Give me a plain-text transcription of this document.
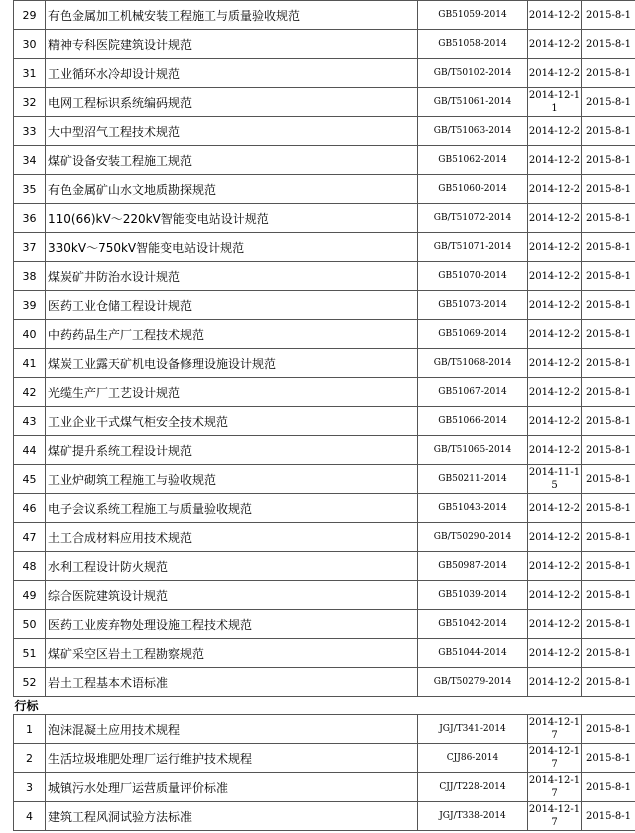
29	有色金属加工机械安装工程施工与质量验收规范	GB51059-2014	2014-12-2	2015-8-1
30	精神专科医院建筑设计规范	GB51058-2014	2014-12-2	2015-8-1
31	工业循环水冷却设计规范	GB/T50102-2014	2014-12-2	2015-8-1
32	电网工程标识系统编码规范	GB/T51061-2014	2014-12-11	2015-8-1
33	大中型沼气工程技术规范	GB/T51063-2014	2014-12-2	2015-8-1
34	煤矿设备安装工程施工规范	GB51062-2014	2014-12-2	2015-8-1
35	有色金属矿山水文地质勘探规范	GB51060-2014	2014-12-2	2015-8-1
36	110(66)kV～220kV智能变电站设计规范	GB/T51072-2014	2014-12-2	2015-8-1
37	330kV～750kV智能变电站设计规范	GB/T51071-2014	2014-12-2	2015-8-1
38	煤炭矿井防治水设计规范	GB51070-2014	2014-12-2	2015-8-1
39	医药工业仓储工程设计规范	GB51073-2014	2014-12-2	2015-8-1
40	中药药品生产厂工程技术规范	GB51069-2014	2014-12-2	2015-8-1
41	煤炭工业露天矿机电设备修理设施设计规范	GB/T51068-2014	2014-12-2	2015-8-1
42	光缆生产厂工艺设计规范	GB51067-2014	2014-12-2	2015-8-1
43	工业企业干式煤气柜安全技术规范	GB51066-2014	2014-12-2	2015-8-1
44	煤矿提升系统工程设计规范	GB/T51065-2014	2014-12-2	2015-8-1
45	工业炉砌筑工程施工与验收规范	GB50211-2014	2014-11-15	2015-8-1
46	电子会议系统工程施工与质量验收规范	GB51043-2014	2014-12-2	2015-8-1
47	土工合成材料应用技术规范	GB/T50290-2014	2014-12-2	2015-8-1
48	水利工程设计防火规范	GB50987-2014	2014-12-2	2015-8-1
49	综合医院建筑设计规范	GB51039-2014	2014-12-2	2015-8-1
50	医药工业废弃物处理设施工程技术规范	GB51042-2014	2014-12-2	2015-8-1
51	煤矿采空区岩土工程勘察规范	GB51044-2014	2014-12-2	2015-8-1
52	岩土工程基本术语标准	GB/T50279-2014	2014-12-2	2015-8-1
行标				
1	泡沫混凝土应用技术规程	JGJ/T341-2014	2014-12-17	2015-8-1
2	生活垃圾堆肥处理厂运行维护技术规程	CJJ86-2014	2014-12-17	2015-8-1
3	城镇污水处理厂运营质量评价标准	CJJ/T228-2014	2014-12-17	2015-8-1
4	建筑工程风洞试验方法标准	JGJ/T338-2014	2014-12-17	2015-8-1
